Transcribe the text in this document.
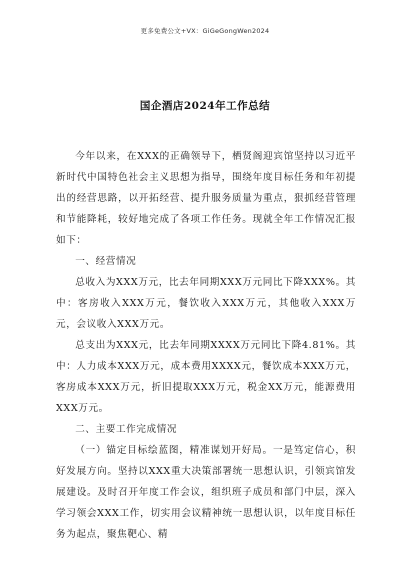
更多免费公文+VX：GiGeGongWen2024
国企酒店2024年工作总结

今年以来，在XXX的正确领导下，栖贤阁迎宾馆坚持以习近平新时代中国特色社会主义思想为指导，围绕年度目标任务和年初提出的经营思路，以开拓经营、提升服务质量为重点，狠抓经营管理和节能降耗，较好地完成了各项工作任务。现就全年工作情况汇报如下：

一、经营情况

总收入为XXX万元，比去年同期XXX万元同比下降XXX%。其中：客房收入XXX万元，餐饮收入XXX万元，其他收入XXX万元，会议收入XXX万元。

总支出为XXX元，比去年同期XXXX万元同比下降4.81%。其中：人力成本XXX万元，成本费用XXXX元，餐饮成本XXX万元，客房成本XXX万元，折旧提取XXX万元，税金XX万元，能源费用XXX万元。

二、主要工作完成情况

（一）锚定目标绘蓝图，精准谋划开好局。一是笃定信心，积好发展方向。坚持以XXX重大决策部署统一思想认识，引领宾馆发展建设。及时召开年度工作会议，组织班子成员和部门中层，深入学习领会XXX工作，切实用会议精神统一思想认识，以年度目标任务为起点，聚焦靶心、精
